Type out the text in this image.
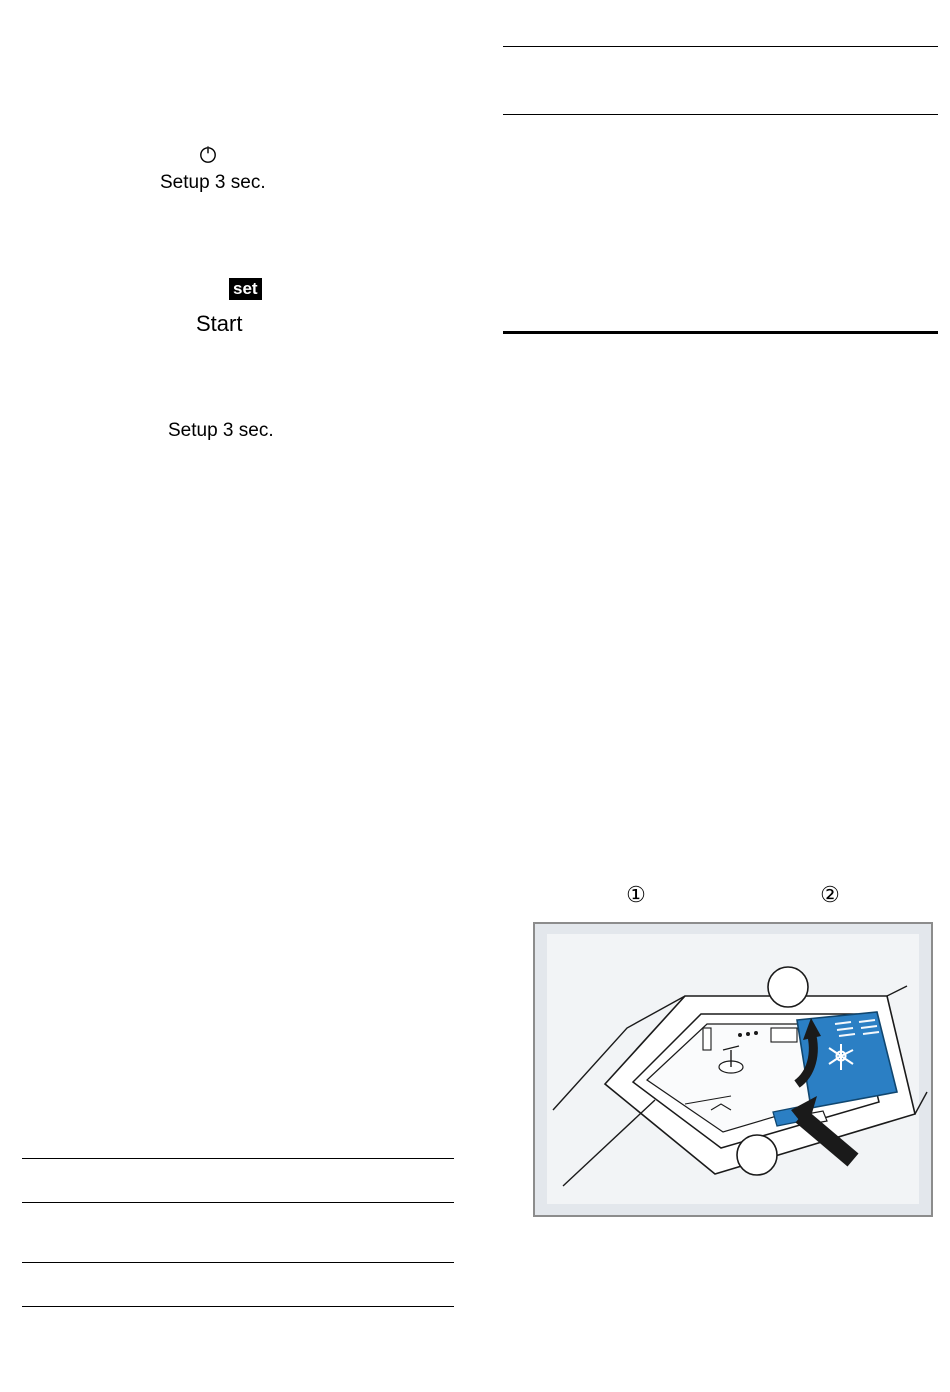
Setup 3 sec.
set
Start
Setup 3 sec.
①	②
